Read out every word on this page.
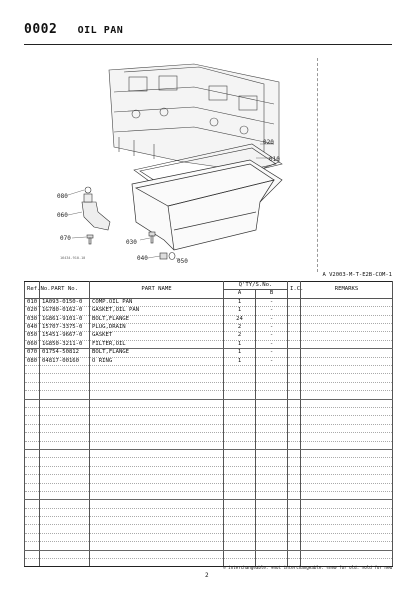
0002 OIL PAN
020
010
080
060
070
030
040	050
16434-910-10
A V2003-M-T-E2B-COM-1
Ref.No.	PART No.	PART NAME	Q'TY/S.No.		I.C.	REMARKS
			A	B		
010	1A093-0150-0	COMP.OIL PAN	1	-		
020	1G780-0162-0	GASKET,OIL PAN	1	-		
030	1G861-9101-0	BOLT,FLANGE	24	-		
040	15707-3375-0	PLUG,DRAIN	2	-		
050	15451-9667-0	GASKET	2	-		
060	1G850-3211-0	FILTER,OIL	1	-		
070	01754-50812	BOLT,FLANGE	1	-		
080	04817-00160	O RING	1	-		

⇔ interchangeable. ⇎not interchangeable. ⇐new for old. ⇒old for new
2
